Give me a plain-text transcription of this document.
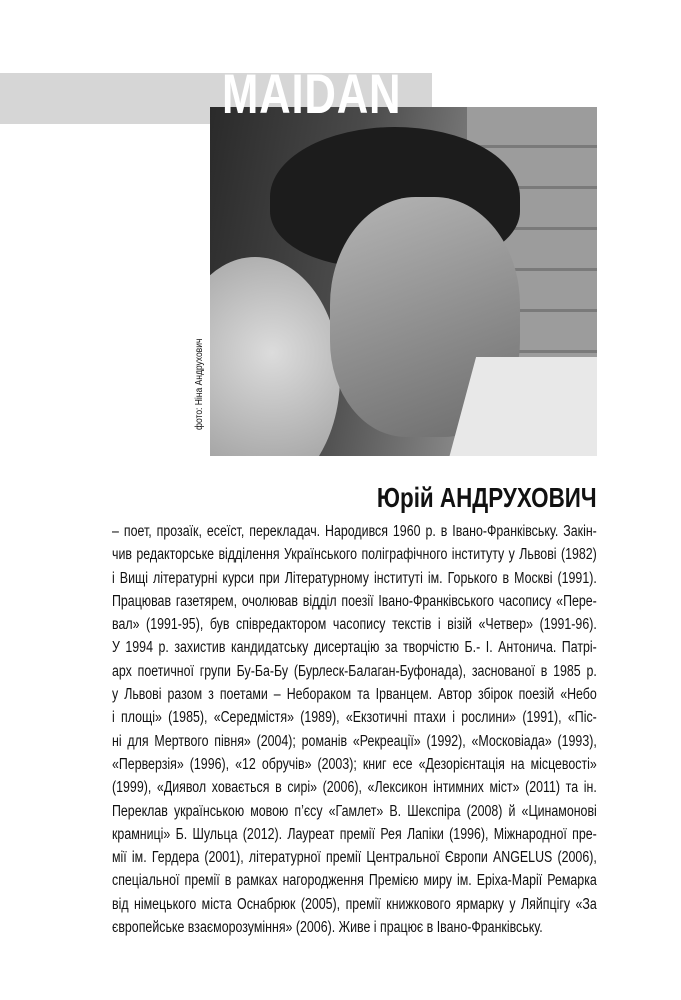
MAIDAN
фото: Ніна Андрухович
Юрій АНДРУХОВИЧ
– поет, прозаїк, есеїст, перекладач. Народився 1960 р. в Івано-Франківську. Закін-
чив редакторське відділення Українського поліграфічного інституту у Львові (1982)
і Вищі літературні курси при Літературному інституті ім. Горького в Москві (1991).
Працював газетярем, очолював відділ поезії Івано-Франківського часопису «Пере-
вал» (1991-95), був співредактором часопису текстів і візій «Четвер» (1991-96).
У 1994 р. захистив кандидатську дисертацію за творчістю Б.- І. Антонича. Патрі-
арх поетичної групи Бу-Ба-Бу (Бурлеск-Балаган-Буфонада), заснованої в 1985 р.
у Львові разом з поетами – Небораком та Ірванцем. Автор збірок поезій «Небо
і площі» (1985), «Середмістя» (1989), «Екзотичні птахи і рослини» (1991), «Піс-
ні для Мертвого півня» (2004); романів «Рекреації» (1992), «Московіада» (1993),
«Перверзія» (1996), «12 обручів» (2003); книг есе «Дезорієнтація на місцевості»
(1999), «Диявол ховається в сирі» (2006), «Лексикон інтимних міст» (2011) та ін.
Переклав українською мовою п’єсу «Гамлет» В. Шекспіра (2008) й «Цинамонові
крамниці» Б. Шульца (2012). Лауреат премії Рея Лапіки (1996), Міжнародної пре-
мії ім. Гердера (2001), літературної премії Центральної Європи ANGELUS (2006),
спеціальної премії в рамках нагородження Премією миру ім. Еріха-Марії Ремарка
від німецького міста Оснабрюк (2005), премії книжкового ярмарку у Ляйпцігу «За
європейське взаєморозуміння» (2006). Живе і працює в Івано-Франківську.
